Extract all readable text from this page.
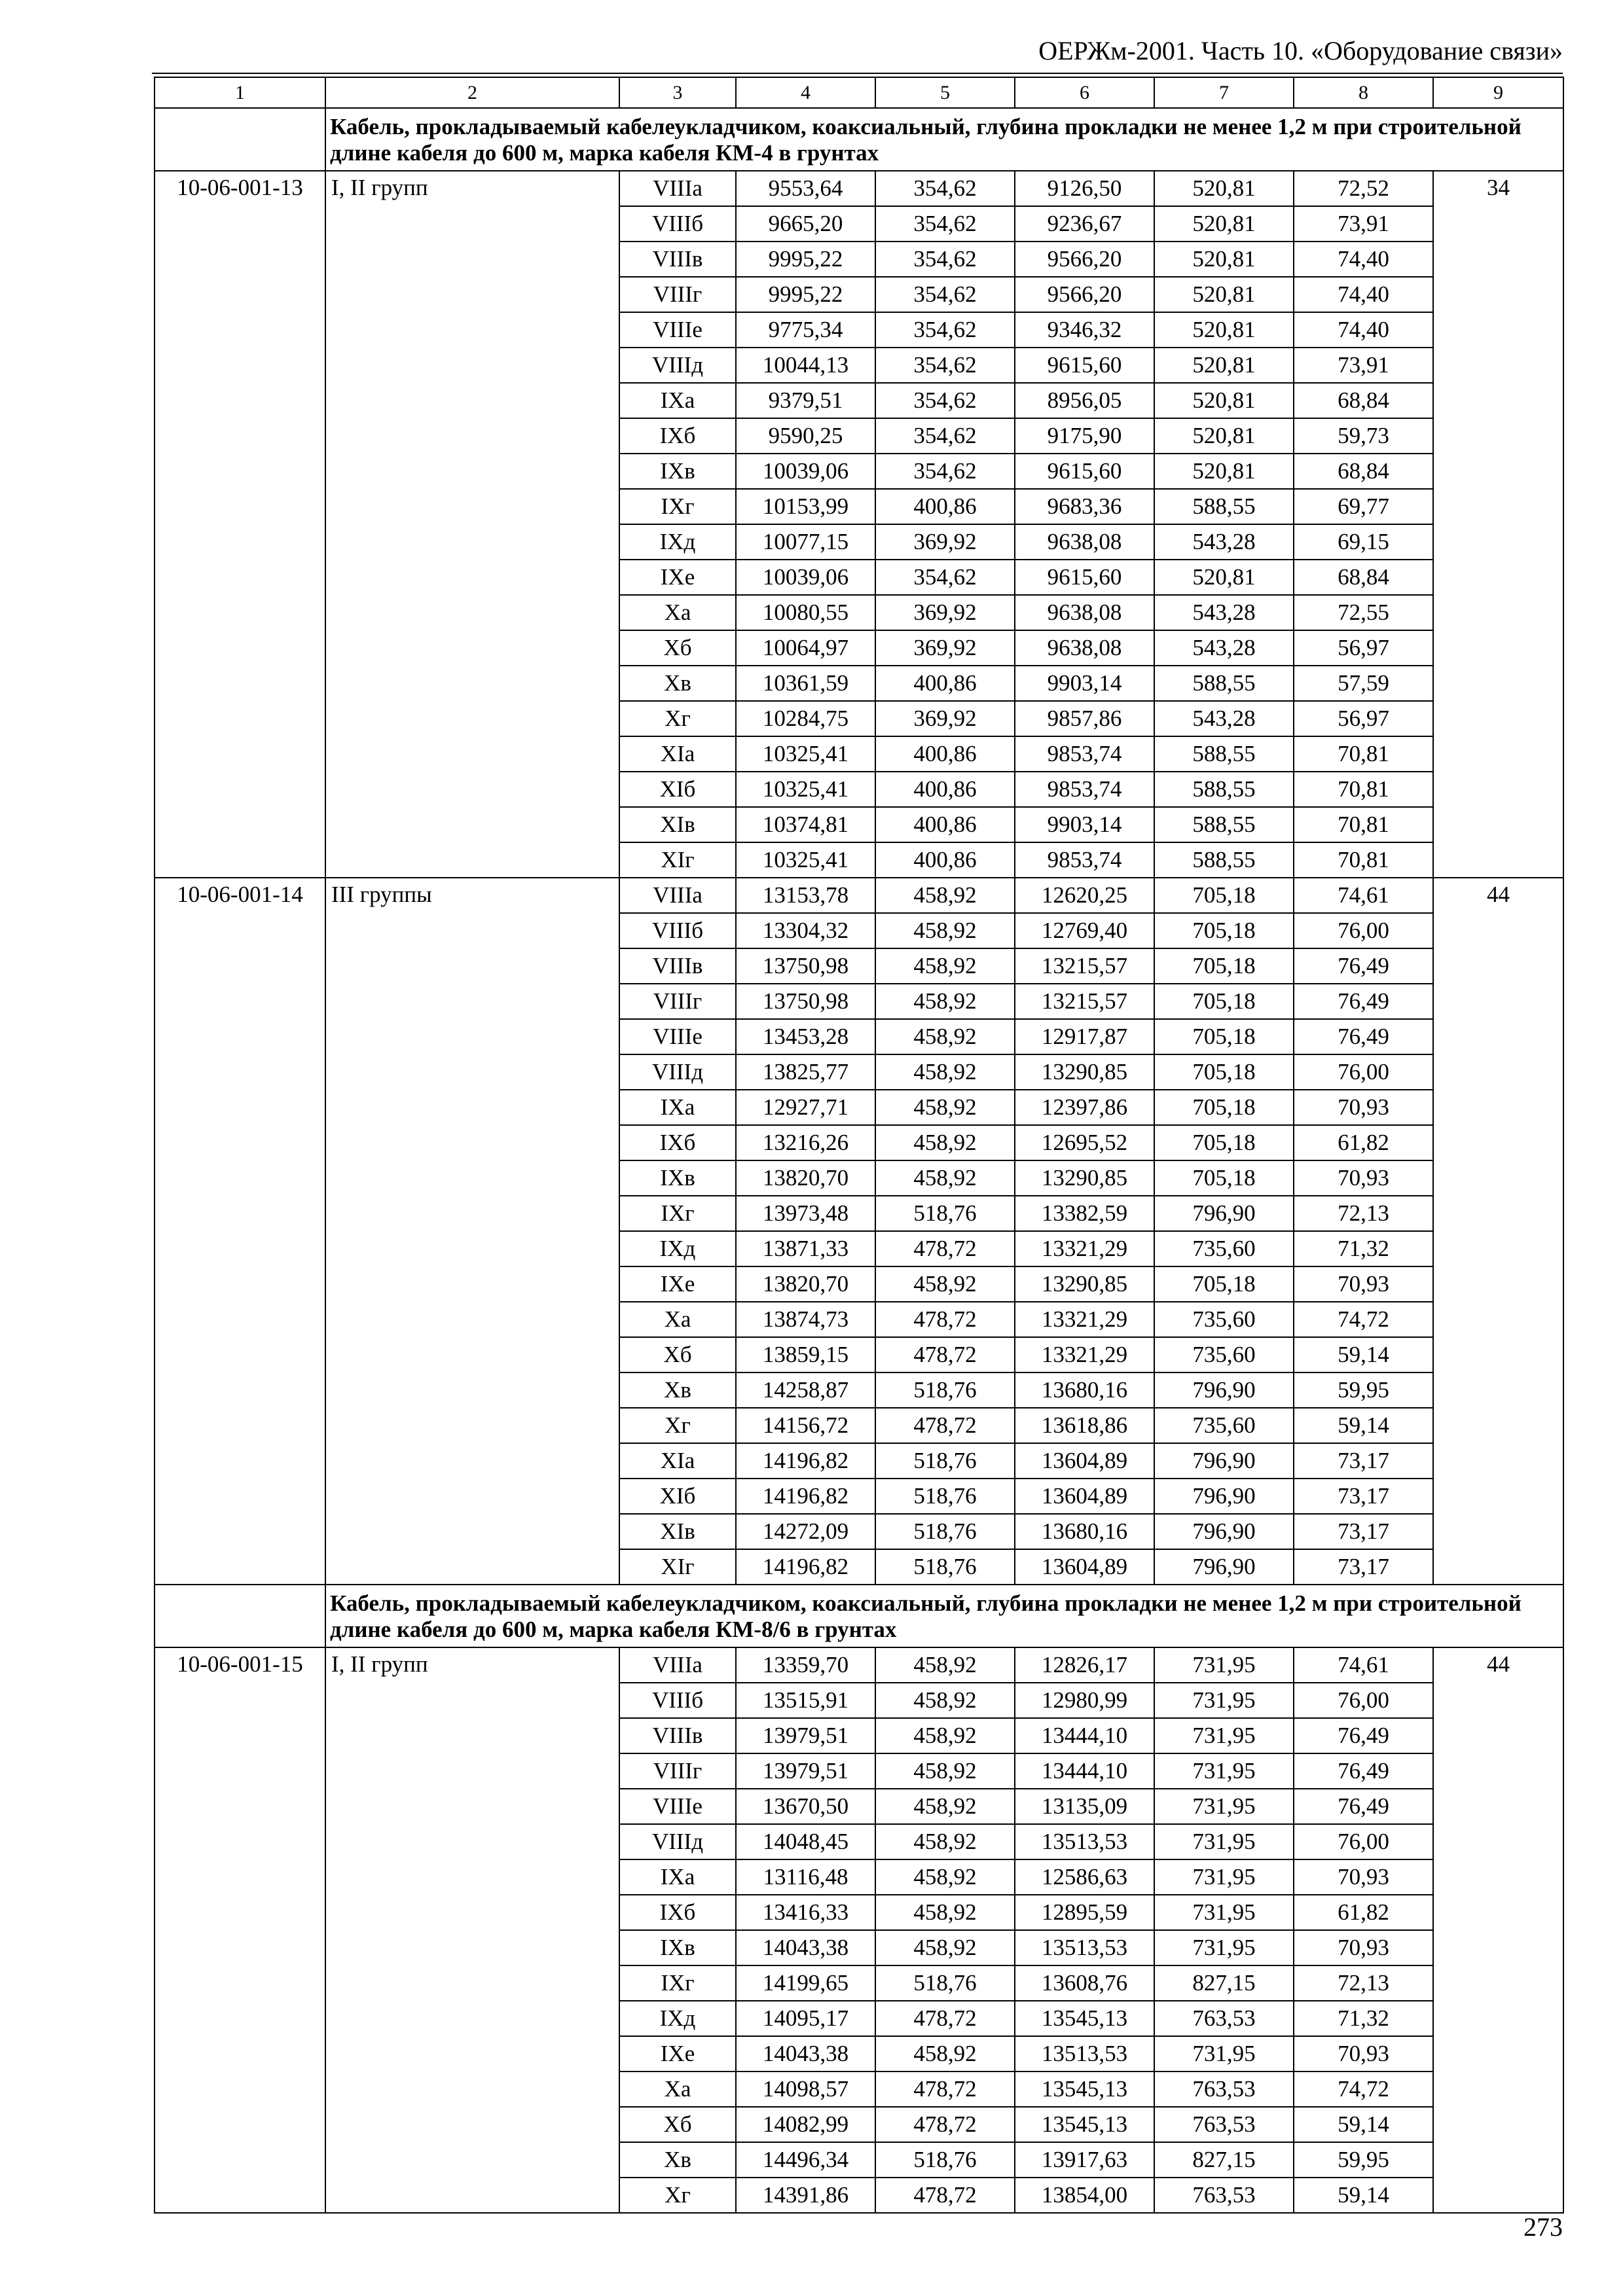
ОЕРЖм-2001. Часть 10. «Оборудование связи»
1	2	3	4	5	6	7	8	9
	Кабель, прокладываемый кабелеукладчиком, коаксиальный, глубина прокладки не менее 1,2 м при строительной длине кабеля до 600 м, марка кабеля КМ-4 в грунтах							
10-06-001-13	I, II групп	VIIIа	9553,64	354,62	9126,50	520,81	72,52	34
		VIIIб	9665,20	354,62	9236,67	520,81	73,91	
		VIIIв	9995,22	354,62	9566,20	520,81	74,40	
		VIIIг	9995,22	354,62	9566,20	520,81	74,40	
		VIIIе	9775,34	354,62	9346,32	520,81	74,40	
		VIIIд	10044,13	354,62	9615,60	520,81	73,91	
		IXа	9379,51	354,62	8956,05	520,81	68,84	
		IXб	9590,25	354,62	9175,90	520,81	59,73	
		IXв	10039,06	354,62	9615,60	520,81	68,84	
		IXг	10153,99	400,86	9683,36	588,55	69,77	
		IXд	10077,15	369,92	9638,08	543,28	69,15	
		IXе	10039,06	354,62	9615,60	520,81	68,84	
		Xа	10080,55	369,92	9638,08	543,28	72,55	
		Xб	10064,97	369,92	9638,08	543,28	56,97	
		Xв	10361,59	400,86	9903,14	588,55	57,59	
		Xг	10284,75	369,92	9857,86	543,28	56,97	
		XIа	10325,41	400,86	9853,74	588,55	70,81	
		XIб	10325,41	400,86	9853,74	588,55	70,81	
		XIв	10374,81	400,86	9903,14	588,55	70,81	
		XIг	10325,41	400,86	9853,74	588,55	70,81	
10-06-001-14	III группы	VIIIа	13153,78	458,92	12620,25	705,18	74,61	44
		VIIIб	13304,32	458,92	12769,40	705,18	76,00	
		VIIIв	13750,98	458,92	13215,57	705,18	76,49	
		VIIIг	13750,98	458,92	13215,57	705,18	76,49	
		VIIIе	13453,28	458,92	12917,87	705,18	76,49	
		VIIIд	13825,77	458,92	13290,85	705,18	76,00	
		IXа	12927,71	458,92	12397,86	705,18	70,93	
		IXб	13216,26	458,92	12695,52	705,18	61,82	
		IXв	13820,70	458,92	13290,85	705,18	70,93	
		IXг	13973,48	518,76	13382,59	796,90	72,13	
		IXд	13871,33	478,72	13321,29	735,60	71,32	
		IXе	13820,70	458,92	13290,85	705,18	70,93	
		Xа	13874,73	478,72	13321,29	735,60	74,72	
		Xб	13859,15	478,72	13321,29	735,60	59,14	
		Xв	14258,87	518,76	13680,16	796,90	59,95	
		Xг	14156,72	478,72	13618,86	735,60	59,14	
		XIа	14196,82	518,76	13604,89	796,90	73,17	
		XIб	14196,82	518,76	13604,89	796,90	73,17	
		XIв	14272,09	518,76	13680,16	796,90	73,17	
		XIг	14196,82	518,76	13604,89	796,90	73,17	
	Кабель, прокладываемый кабелеукладчиком, коаксиальный, глубина прокладки не менее 1,2 м при строительной длине кабеля до 600 м, марка кабеля КМ-8/6 в грунтах							
10-06-001-15	I, II групп	VIIIа	13359,70	458,92	12826,17	731,95	74,61	44
		VIIIб	13515,91	458,92	12980,99	731,95	76,00	
		VIIIв	13979,51	458,92	13444,10	731,95	76,49	
		VIIIг	13979,51	458,92	13444,10	731,95	76,49	
		VIIIе	13670,50	458,92	13135,09	731,95	76,49	
		VIIIд	14048,45	458,92	13513,53	731,95	76,00	
		IXа	13116,48	458,92	12586,63	731,95	70,93	
		IXб	13416,33	458,92	12895,59	731,95	61,82	
		IXв	14043,38	458,92	13513,53	731,95	70,93	
		IXг	14199,65	518,76	13608,76	827,15	72,13	
		IXд	14095,17	478,72	13545,13	763,53	71,32	
		IXе	14043,38	458,92	13513,53	731,95	70,93	
		Xа	14098,57	478,72	13545,13	763,53	74,72	
		Xб	14082,99	478,72	13545,13	763,53	59,14	
		Xв	14496,34	518,76	13917,63	827,15	59,95	
		Xг	14391,86	478,72	13854,00	763,53	59,14	
273
